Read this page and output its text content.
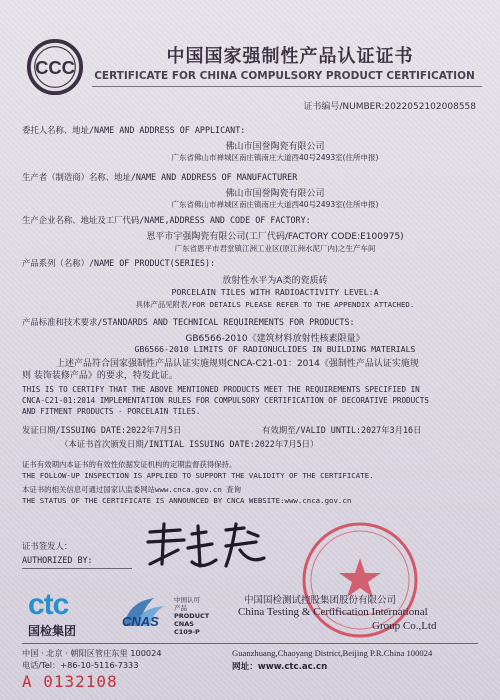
CCC
中国国家强制性产品认证证书
CERTIFICATE FOR CHINA COMPULSORY PRODUCT CERTIFICATION
证书编号/NUMBER:2022052102008558
委托人名称、地址/NAME AND ADDRESS OF APPLICANT:
佛山市国誉陶瓷有限公司
广东省佛山市禅城区南庄镇南庄大道西40号2493室(住所申报)
生产者（制造商）名称、地址/NAME AND ADDRESS OF MANUFACTURER
佛山市国誉陶瓷有限公司
广东省佛山市禅城区南庄镇南庄大道西40号2493室(住所申报)
生产企业名称、地址及工厂代码/NAME,ADDRESS AND CODE OF FACTORY:
恩平市宇强陶瓷有限公司(工厂代码/FACTORY CODE:E100975)
广东省恩平市君堂镇江洲工业区(原江洲水泥厂内)之生产车间
产品系列（名称）/NAME OF PRODUCT(SERIES):
放射性水平为A类的瓷质砖
PORCELAIN TILES WITH RADIOACTIVITY LEVEL:A
具体产品见附表/FOR DETAILS PLEASE REFER TO THE APPENDIX ATTACHED.
产品标准和技术要求/STANDARDS AND TECHNICAL REQUIREMENTS FOR PRODUCTS:
GB6566-2010《建筑材料放射性核素限量》
GB6566-2010 LIMITS OF RADIONUCLIDES IN BUILDING MATERIALS
上述产品符合国家强制性产品认证实施规则CNCA-C21-01：2014《强制性产品认证实施规
则 装饰装修产品》的要求，特发此证。
THIS IS TO CERTIFY THAT THE ABOVE MENTIONED PRODUCTS MEET THE REQUIREMENTS SPECIFIED IN
CNCA-C21-01:2014 IMPLEMENTATION RULES FOR COMPULSORY CERTIFICATION OF DECORATIVE PRODUCTS
AND FITMENT PRODUCTS - PORCELAIN TILES.
发证日期/ISSUING DATE:2022年7月5日	有效期至/VALID UNTIL:2027年3月16日
（本证书首次颁发日期/INITIAL ISSUING DATE:2022年7月5日）
证书有效期内本证书的有效性依据发证机构的定期监督获得保持。
THE FOLLOW-UP INSPECTION IS APPLIED TO SUPPORT THE VALIDITY OF THE CERTIFICATE.
本证书的相关信息可通过国家认监委网站www.cnca.gov.cn 查询
THE STATUS OF THE CERTIFICATE IS ANNOUNCED BY CNCA WEBSITE:www.cnca.gov.cn
证书签发人：
AUTHORIZED BY:
中国国检测试控股集团股份有限公司
China Testing & Certification International
Group Co.,Ltd
ctc
国检集团
CNAS
中国认可
产品
PRODUCT
CNAS C109-P
中国 · 北京 · 朝阳区管庄东里 100024	Guanzhuang,Chaoyang District,Beijing P.R.China 100024
电话/Tel：+86-10-5116-7333	网址：www.ctc.ac.cn
A 0132108
